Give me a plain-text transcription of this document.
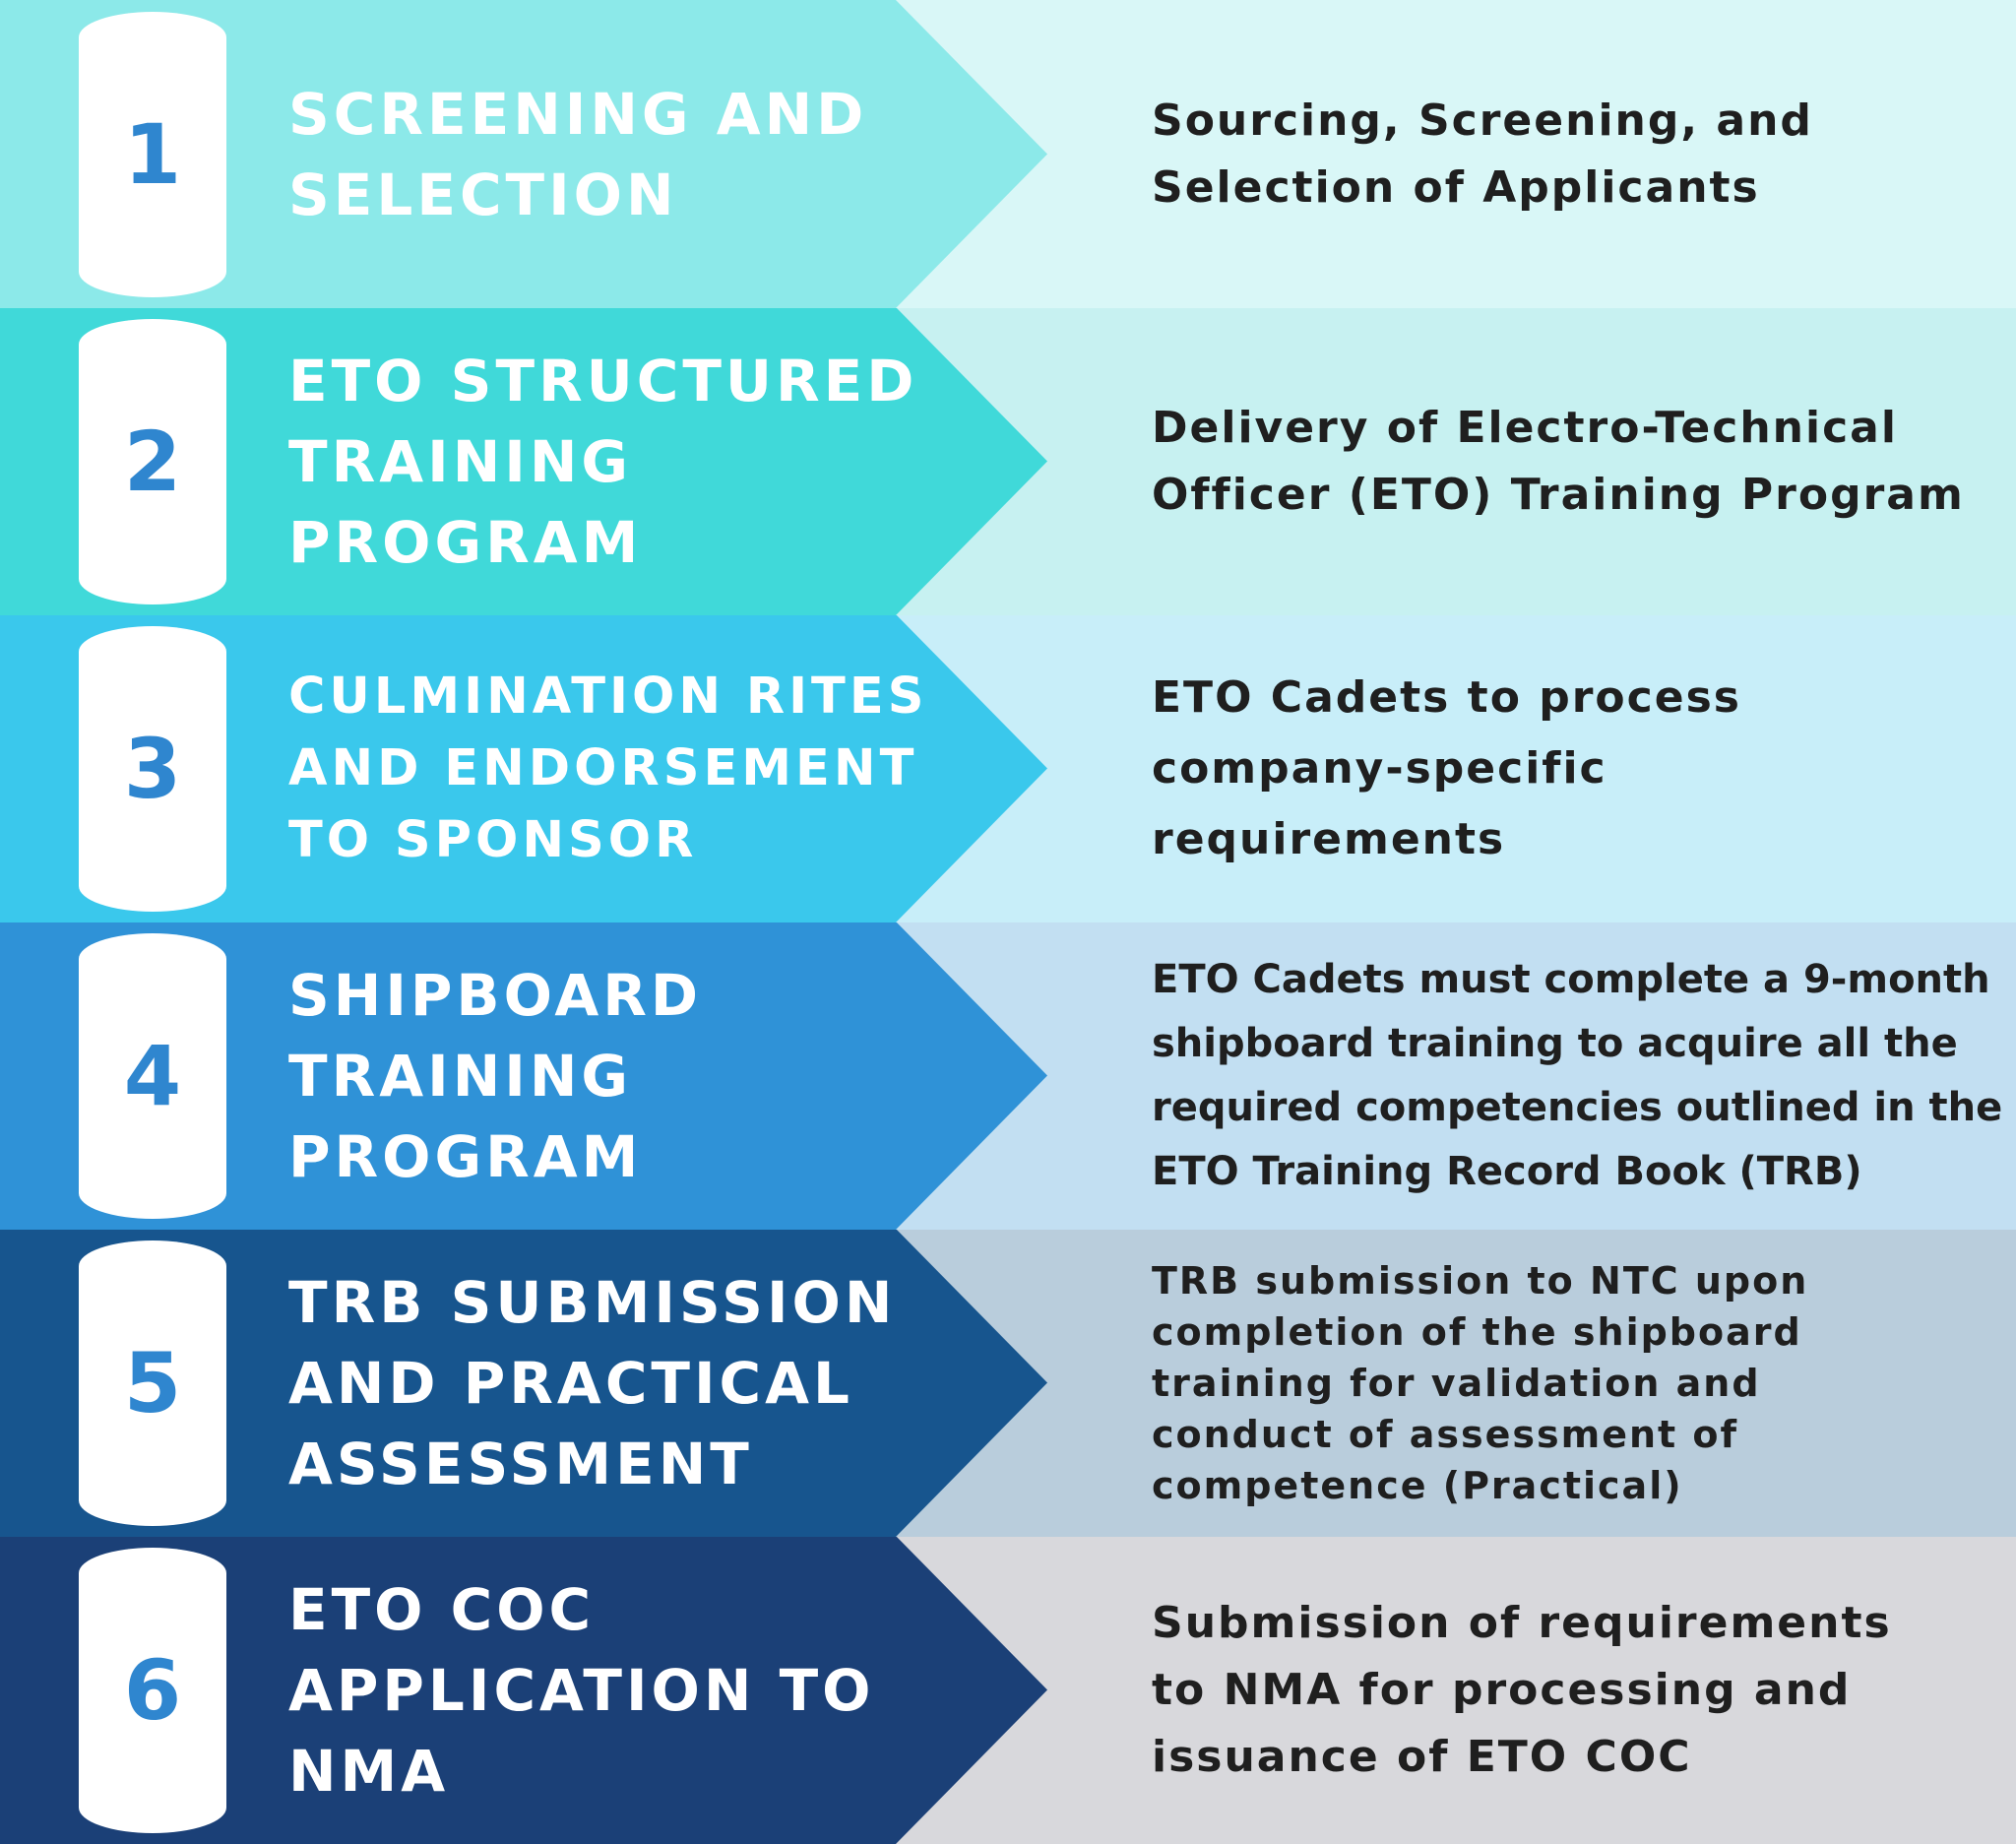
1	SCREENING AND
SELECTION
Sourcing, Screening, and
Selection of Applicants
2
ETO STRUCTURED
TRAINING
PROGRAM
Delivery of Electro-Technical
Officer (ETO) Training Program
3
CULMINATION RITES
AND ENDORSEMENT
TO SPONSOR
ETO Cadets to process
company-specific
requirements
4
SHIPBOARD
TRAINING
PROGRAM
ETO Cadets must complete a 9-month
shipboard training to acquire all the
required competencies outlined in the
ETO Training Record Book (TRB)
5
TRB SUBMISSION
AND PRACTICAL
ASSESSMENT
TRB submission to NTC upon
completion of the shipboard
training for validation and
conduct of assessment of
competence (Practical)
6
ETO COC
APPLICATION TO
NMA
Submission of requirements
to NMA for processing and
issuance of ETO COC
